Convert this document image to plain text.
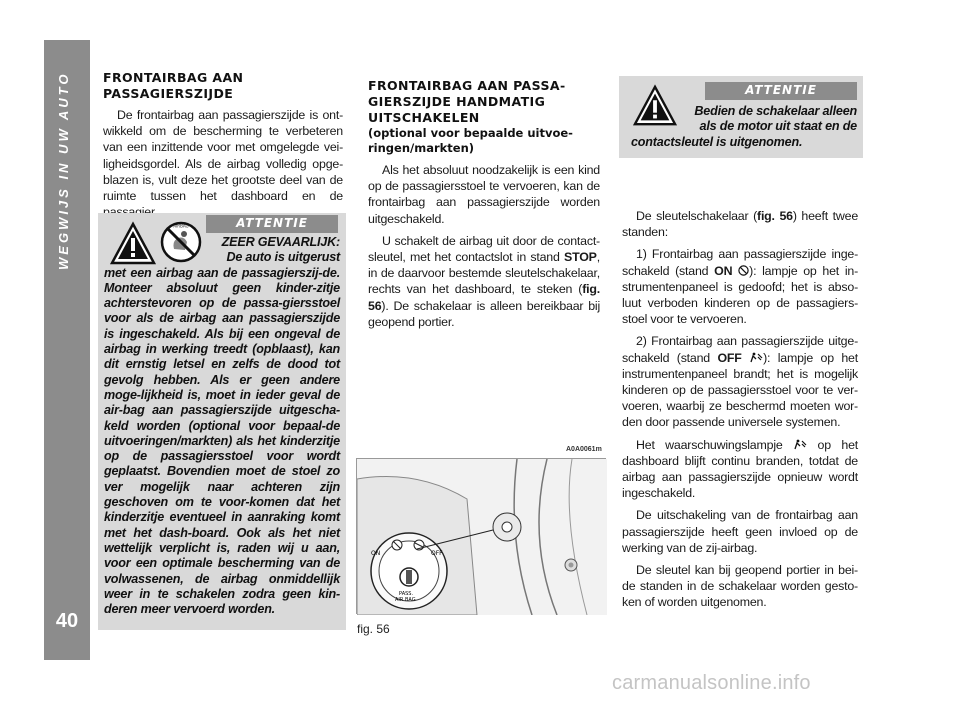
WEGWIJS IN UW AUTO
40
FRONTAIRBAG AAN PASSAGIERSZIJDE

De frontairbag aan passagierszijde is ont-wikkeld om de bescherming te verbeteren van een inzittende voor met omgelegde vei-ligheidsgordel. Als de airbag volledig opge-blazen is, vult deze het grootste deel van de ruimte tussen het dashboard en de

ATTENTIE
AIRBAG
ZEER GEVAARLIJK: De auto is uitgerust
met een airbag aan de passagierszij-de. Monteer absoluut geen kinder-zitje achterstevoren op de passa-giersstoel voor als de airbag aan passagierszijde is ingeschakeld. Als bij een ongeval de airbag in werking treedt (opblaast), kan dit ernstig letsel en zelfs de dood tot gevolg hebben. Als er geen andere moge-lijkheid is, moet in ieder geval de air-bag aan passagierszijde uitgescha-keld worden (optional voor bepaal-de uitvoeringen/markten) als het kinderzitje op de passagiersstoel voor wordt geplaatst. Bovendien moet de stoel zo ver mogelijk naar achteren zijn geschoven om te voor-komen dat het kinderzitje eventueel in aanraking komt met het dash-board. Ook als het niet wettelijk verplicht is, raden wij u aan, voor een optimale bescherming van de volwassenen, de airbag onmiddellijk weer in te schakelen zodra geen kin-deren meer vervoerd worden.
FRONTAIRBAG AAN PASSA-GIERSZIJDE HANDMATIG UITSCHAKELEN
(optional voor bepaalde uitvoe-ringen/markten)

Als het absoluut noodzakelijk is een kind op de passagiersstoel te vervoeren, kan de frontairbag aan passagierszijde worden uitgeschakeld.

U schakelt de airbag uit door de contact-sleutel, met het contactslot in stand STOP, in de daarvoor bestemde sleutelschakelaar, rechts van het dashboard, te steken (fig. 56). De schakelaar is alleen bereikbaar bij geopend portier.

A0A0061m
ON	OFF
PASS.
AIR BAG
fig. 56
ATTENTIE
Bedien de schakelaar alleen als de motor uit staat en de
contactsleutel is uitgenomen.

De sleutelschakelaar (fig. 56) heeft twee standen:

1) Frontairbag aan passagierszijde inge-schakeld (stand ON ): lampje op het in-strumentenpaneel is gedoofd; het is abso-luut verboden kinderen op de passagiers-stoel voor te vervoeren.

2) Frontairbag aan passagierszijde uitge-schakeld (stand OFF ): lampje op het instrumentenpaneel brandt; het is mogelijk kinderen op de passagiersstoel voor te ver-voeren, waarbij ze beschermd moeten wor-den door passende universele systemen.

Het waarschuwingslampje	op het dashboard blijft continu branden, totdat de airbag aan passagierszijde opnieuw wordt ingeschakeld.

De uitschakeling van de frontairbag aan passagierszijde heeft geen invloed op de werking van de zij-airbag.

De sleutel kan bij geopend portier in bei-de standen in de schakelaar worden gesto-ken of worden uitgenomen.

carmanualsonline.info
